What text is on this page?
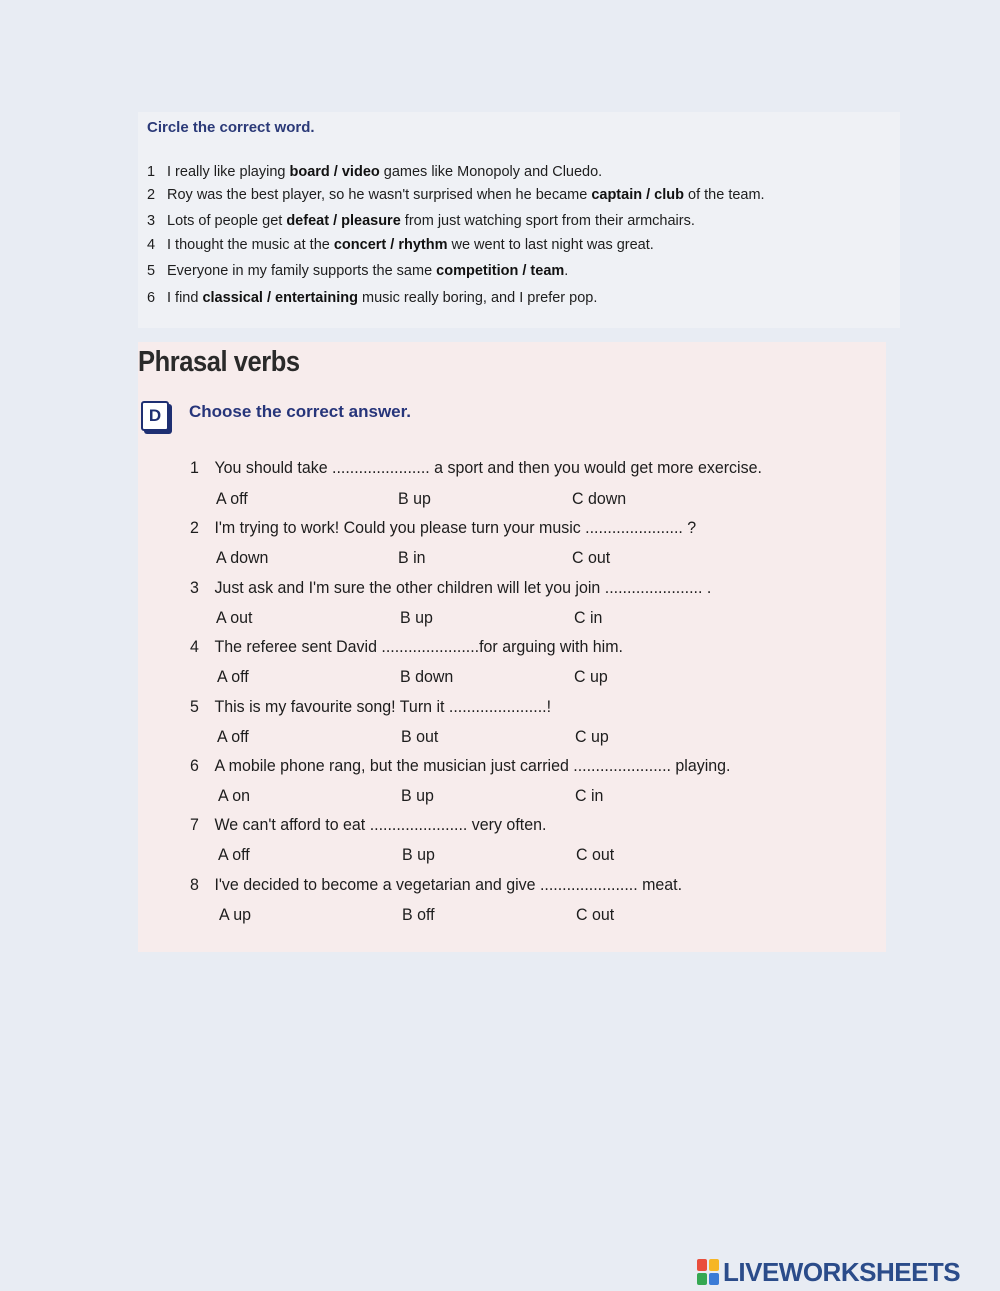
Circle the correct word.
1 I really like playing board / video games like Monopoly and Cluedo.
2 Roy was the best player, so he wasn't surprised when he became captain / club of the team.
3 Lots of people get defeat / pleasure from just watching sport from their armchairs.
4 I thought the music at the concert / rhythm we went to last night was great.
5 Everyone in my family supports the same competition / team.
6 I find classical / entertaining music really boring, and I prefer pop.
Phrasal verbs
D	Choose the correct answer.
1 You should take ...................... a sport and then you would get more exercise.
A off	B up	C down
2 I'm trying to work! Could you please turn your music ...................... ?
A down	B in	C out
3 Just ask and I'm sure the other children will let you join ...................... .
A out	B up	C in
4 The referee sent David ......................for arguing with him.
A off	B down	C up
5 This is my favourite song! Turn it ......................!
A off	B out	C up
6 A mobile phone rang, but the musician just carried ...................... playing.
A on	B up	C in
7 We can't afford to eat ...................... very often.
A off	B up	C out
8 I've decided to become a vegetarian and give ...................... meat.
A up	B off	C out
LIVEWORKSHEETS
